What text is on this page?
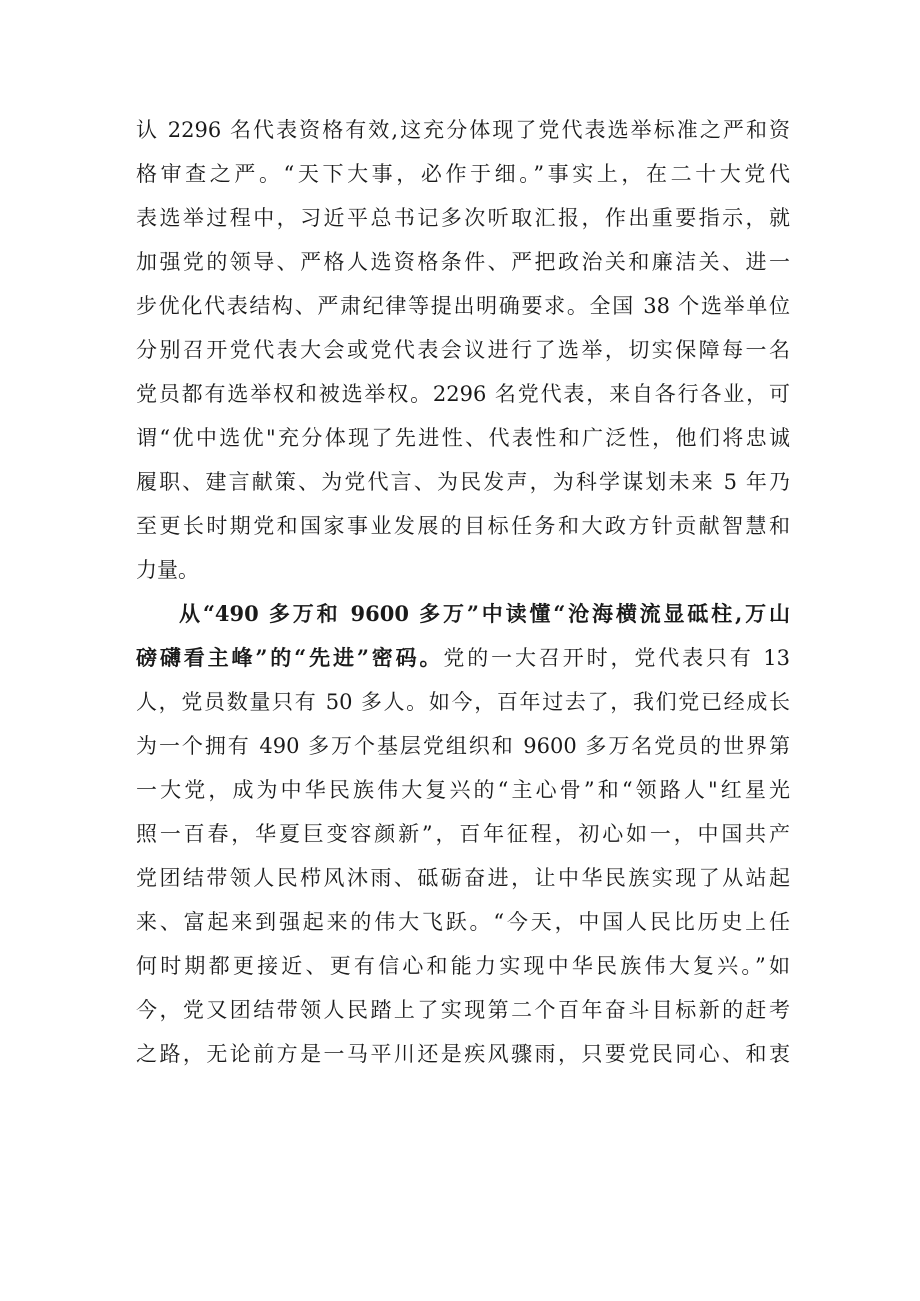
认 2296 名代表资格有效,这充分体现了党代表选举标准之严和资
格审查之严。“天下大事，必作于细。”事实上，在二十大党代
表选举过程中，习近平总书记多次听取汇报，作出重要指示，就
加强党的领导、严格人选资格条件、严把政治关和廉洁关、进一
步优化代表结构、严肃纪律等提出明确要求。全国 38 个选举单位
分别召开党代表大会或党代表会议进行了选举，切实保障每一名
党员都有选举权和被选举权。2296 名党代表，来自各行各业，可
谓“优中选优"充分体现了先进性、代表性和广泛性，他们将忠诚
履职、建言献策、为党代言、为民发声，为科学谋划未来 5 年乃
至更长时期党和国家事业发展的目标任务和大政方针贡献智慧和
力量。
从“490 多万和 9600 多万”中读懂“沧海横流显砥柱,万山
磅礴看主峰”的“先进”密码。党的一大召开时，党代表只有 13
人，党员数量只有 50 多人。如今，百年过去了，我们党已经成长
为一个拥有 490 多万个基层党组织和 9600 多万名党员的世界第
一大党，成为中华民族伟大复兴的“主心骨”和“领路人"红星光
照一百春，华夏巨变容颜新”，百年征程，初心如一，中国共产
党团结带领人民栉风沐雨、砥砺奋进，让中华民族实现了从站起
来、富起来到强起来的伟大飞跃。“今天，中国人民比历史上任
何时期都更接近、更有信心和能力实现中华民族伟大复兴。”如
今，党又团结带领人民踏上了实现第二个百年奋斗目标新的赶考
之路，无论前方是一马平川还是疾风骤雨，只要党民同心、和衷
